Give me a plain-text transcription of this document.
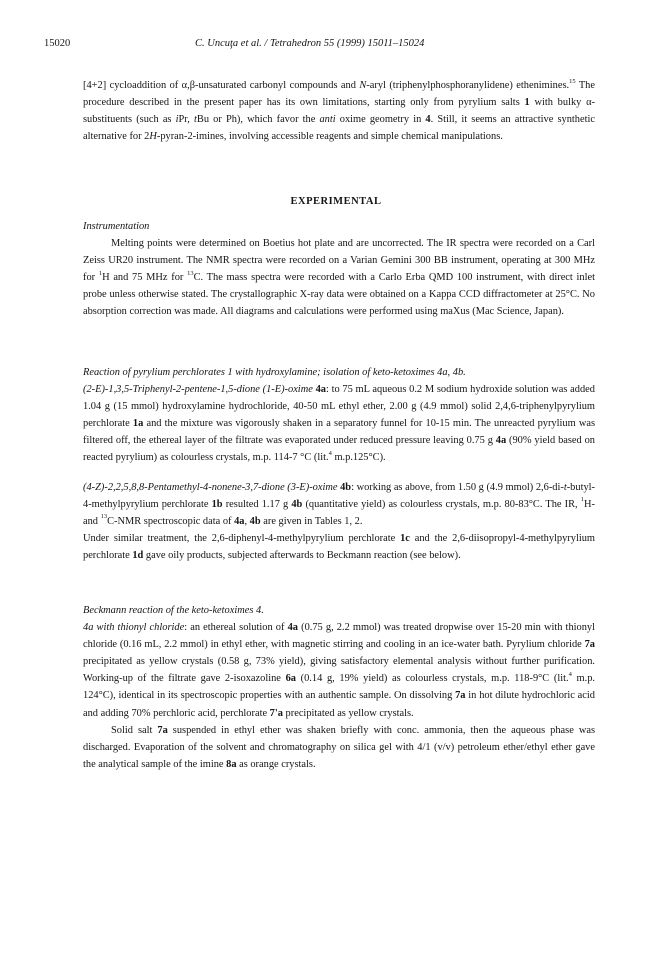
15020	C. Uncuţa et al. / Tetrahedron 55 (1999) 15011–15024

[4+2] cycloaddition of α,β-unsaturated carbonyl compounds and N-aryl (triphenylphosphoranylidene) ethenimines.$^{15}$ The procedure described in the present paper has its own limitations, starting only from pyrylium salts 1 with bulky α-substituents (such as iPr, tBu or Ph), which favor the anti oxime geometry in 4. Still, it seems an attractive synthetic alternative for 2H-pyran-2-imines, involving accessible reagents and simple chemical manipulations.

EXPERIMENTAL

Instrumentation

Melting points were determined on Boetius hot plate and are uncorrected. The IR spectra were recorded on a Carl Zeiss UR20 instrument. The NMR spectra were recorded on a Varian Gemini 300 BB instrument, operating at 300 MHz for $^1$H and 75 MHz for $^{13}$C. The mass spectra were recorded with a Carlo Erba QMD 100 instrument, with direct inlet probe unless otherwise stated. The crystallographic X-ray data were obtained on a Kappa CCD diffractometer at 25°C. No absorption correction was made. All diagrams and calculations were performed using maXus (Mac Science, Japan).

Reaction of pyrylium perchlorates 1 with hydroxylamine; isolation of keto-ketoximes 4a, 4b.

(2-E)-1,3,5-Triphenyl-2-pentene-1,5-dione (1-E)-oxime 4a: to 75 mL aqueous 0.2 M sodium hydroxide solution was added 1.04 g (15 mmol) hydroxylamine hydrochloride, 40-50 mL ethyl ether, 2.00 g (4.9 mmol) solid 2,4,6-triphenylpyrylium perchlorate 1a and the mixture was vigorously shaken in a separatory funnel for 10-15 min. The unreacted pyrylium was filtered off, the ethereal layer of the filtrate was evaporated under reduced pressure leaving 0.75 g 4a (90% yield based on reacted pyrylium) as colourless crystals, m.p. 114-7 °C (lit.$^4$ m.p.125°C).

(4-Z)-2,2,5,8,8-Pentamethyl-4-nonene-3,7-dione (3-E)-oxime 4b: working as above, from 1.50 g (4.9 mmol) 2,6-di-t-butyl-4-methylpyrylium perchlorate 1b resulted 1.17 g 4b (quantitative yield) as colourless crystals, m.p. 80-83°C. The IR, $^1$H- and $^{13}$C-NMR spectroscopic data of 4a, 4b are given in Tables 1, 2.

Under similar treatment, the 2,6-diphenyl-4-methylpyrylium perchlorate 1c and the 2,6-diisopropyl-4-methylpyrylium perchlorate 1d gave oily products, subjected afterwards to Beckmann reaction (see below).

Beckmann reaction of the keto-ketoximes 4.

4a with thionyl chloride: an ethereal solution of 4a (0.75 g, 2.2 mmol) was treated dropwise over 15-20 min with thionyl chloride (0.16 mL, 2.2 mmol) in ethyl ether, with magnetic stirring and cooling in an ice-water bath. Pyrylium chloride 7a precipitated as yellow crystals (0.58 g, 73% yield), giving satisfactory elemental analysis without further purification. Working-up of the filtrate gave 2-isoxazoline 6a (0.14 g, 19% yield) as colourless crystals, m.p. 118-9°C (lit.$^4$ m.p. 124°C), identical in its spectroscopic properties with an authentic sample. On dissolving 7a in hot dilute hydrochloric acid and adding 70% perchloric acid, perchlorate 7'a precipitated as yellow crystals.

Solid salt 7a suspended in ethyl ether was shaken briefly with conc. ammonia, then the aqueous phase was discharged. Evaporation of the solvent and chromatography on silica gel with 4/1 (v/v) petroleum ether/ethyl ether gave the analytical sample of the imine 8a as orange crystals.
